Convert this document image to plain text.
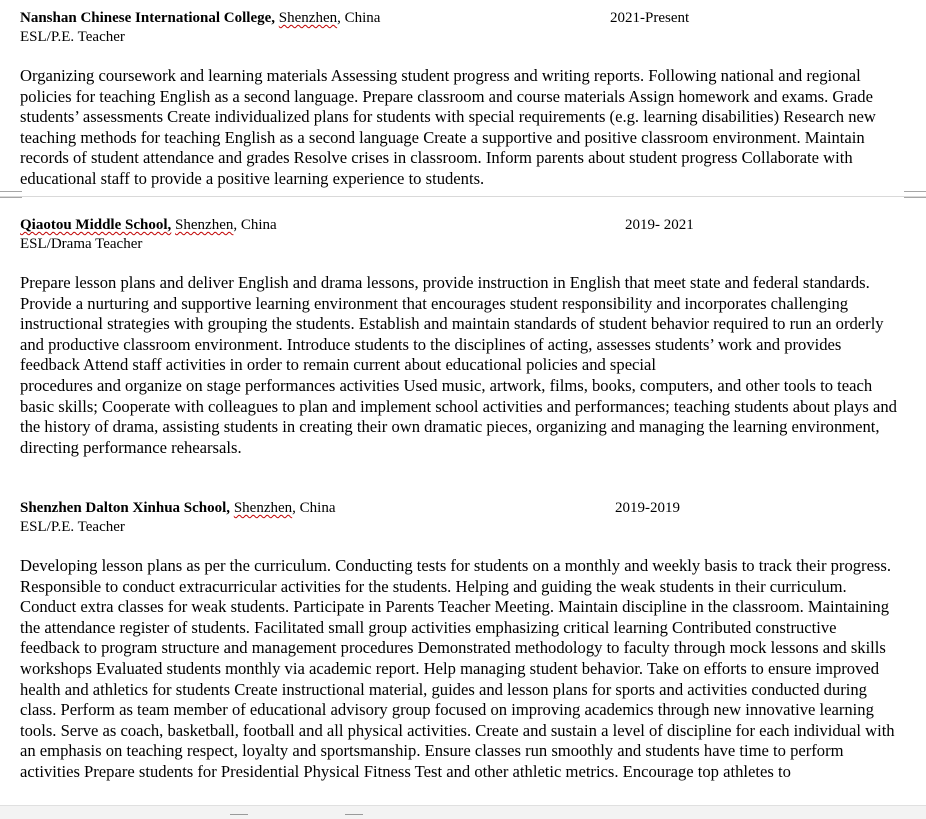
Nanshan Chinese International College, Shenzhen, China	2021-Present
ESL/P.E. Teacher

Organizing coursework and learning materials Assessing student progress and writing reports. Following national and regional policies for teaching English as a second language. Prepare classroom and course materials Assign homework and exams. Grade students’ assessments Create individualized plans for students with special requirements (e.g. learning disabilities) Research new teaching methods for teaching English as a second language Create a supportive and positive classroom environment. Maintain records of student attendance and grades Resolve crises in classroom. Inform parents about student progress Collaborate with educational staff to provide a positive learning experience to students.

Qiaotou Middle School, Shenzhen, China	2019- 2021
ESL/Drama Teacher

Prepare lesson plans and deliver English and drama lessons, provide instruction in English that meet state and federal standards. Provide a nurturing and supportive learning environment that encourages student responsibility and incorporates challenging instructional strategies with grouping the students. Establish and maintain standards of student behavior required to run an orderly and productive classroom environment. Introduce students to the disciplines of acting, assesses students’ work and provides feedback Attend staff activities in order to remain current about educational policies and special

procedures and organize on stage performances activities Used music, artwork, films, books, computers, and other tools to teach basic skills; Cooperate with colleagues to plan and implement school activities and performances; teaching students about plays and the history of drama, assisting students in creating their own dramatic pieces, organizing and managing the learning environment, directing performance rehearsals.

Shenzhen Dalton Xinhua School, Shenzhen, China	2019-2019
ESL/P.E. Teacher

Developing lesson plans as per the curriculum. Conducting tests for students on a monthly and weekly basis to track their progress. Responsible to conduct extracurricular activities for the students. Helping and guiding the weak students in their curriculum. Conduct extra classes for weak students. Participate in Parents Teacher Meeting. Maintain discipline in the classroom. Maintaining the attendance register of students. Facilitated small group activities emphasizing critical learning Contributed constructive feedback to program structure and management procedures Demonstrated methodology to faculty through mock lessons and skills workshops Evaluated students monthly via academic report. Help managing student behavior. Take on efforts to ensure improved health and athletics for students Create instructional material, guides and lesson plans for sports and activities conducted during class. Perform as team member of educational advisory group focused on improving academics through new innovative learning tools. Serve as coach, basketball, football and all physical activities. Create and sustain a level of discipline for each individual with an emphasis on teaching respect, loyalty and sportsmanship. Ensure classes run smoothly and students have time to perform activities Prepare students for Presidential Physical Fitness Test and other athletic metrics. Encourage top athletes to
